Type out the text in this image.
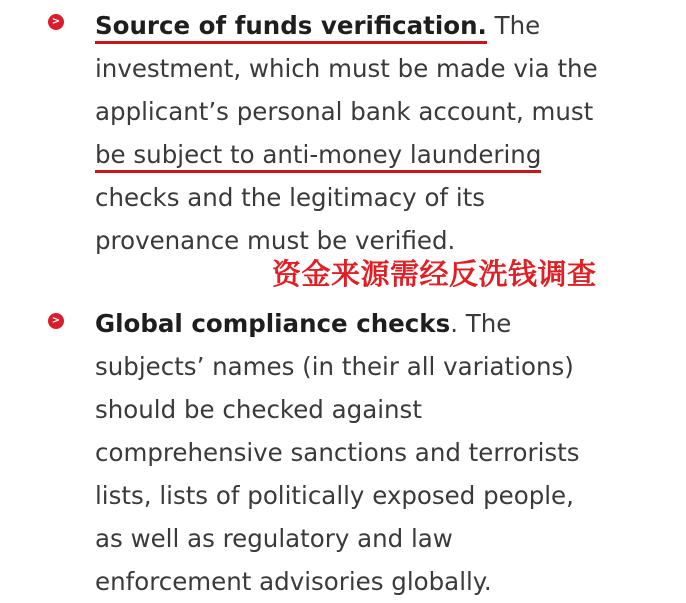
> Source of funds verification. The
investment, which must be made via the
applicant’s personal bank account, must
be subject to anti-money laundering
checks and the legitimacy of its
provenance must be verified.

资金来源需经反洗钱调查
> Global compliance checks. The
subjects’ names (in their all variations)
should be checked against
comprehensive sanctions and terrorists
lists, lists of politically exposed people,
as well as regulatory and law
enforcement advisories globally.
